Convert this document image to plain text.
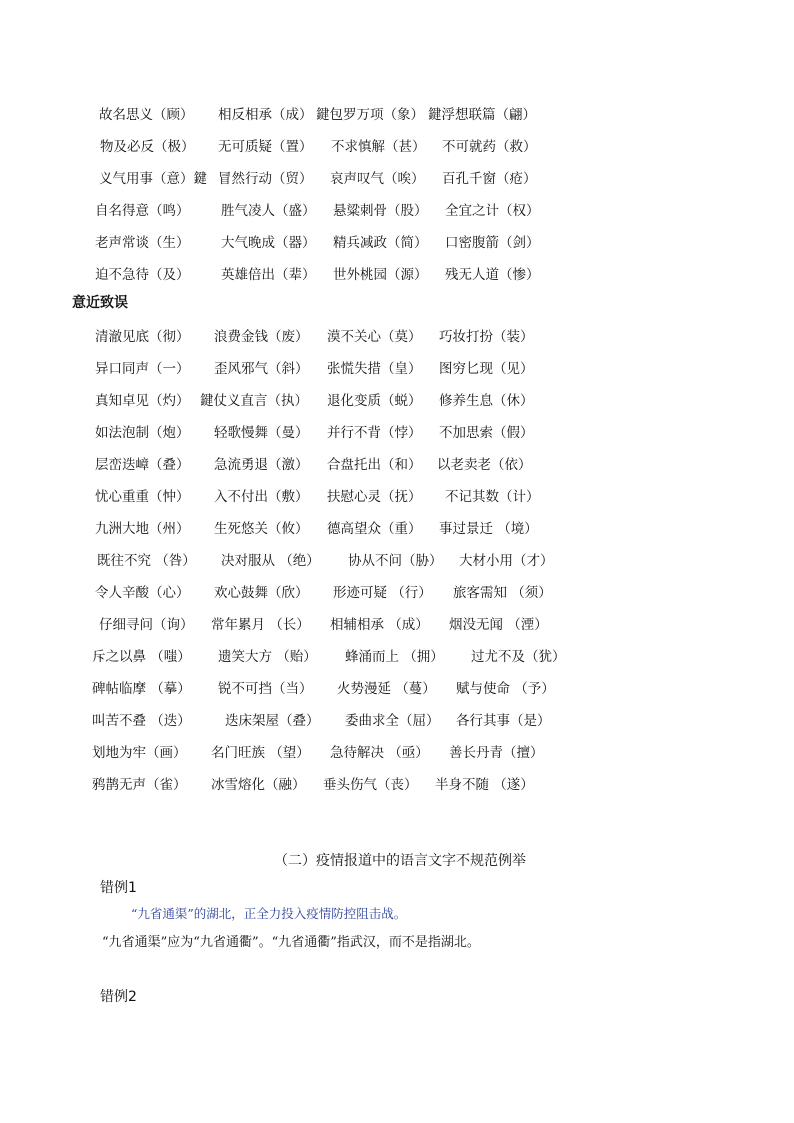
故名思义（顾） 相反相承（成） 鍵包罗万项（象） 鍵浮想联篇（翩）
物及必反（极） 无可质疑（置） 不求慎解（甚） 不可就药（救）
义气用事（意）鍵 冒然行动（贸） 哀声叹气（唉） 百孔千窗（疮）
自名得意（鸣） 胜气凌人（盛） 悬粱刺骨（股） 全宜之计（权）
老声常谈（生） 大气晚成（器） 精兵减政（简） 口密腹箭（剑）
迫不急待（及） 英雄倍出（辈） 世外桃园（源） 残无人道（惨）
意近致误
清澈见底（彻） 浪费金钱（废） 漠不关心（莫） 巧妆打扮（装）
异口同声（一） 歪风邪气（斜） 张慌失措（皇） 图穷匕现（见）
真知卓见（灼） 鍵仗义直言（执） 退化变质（蜕） 修养生息（休）
如法泡制（炮） 轻歌慢舞（曼） 并行不背（悖） 不加思索（假）
层峦迭嶂（叠） 急流勇退（激） 合盘托出（和） 以老卖老（依）
忧心重重（忡） 入不付出（敷） 扶慰心灵（抚） 不记其数（计）
九洲大地（州） 生死悠关（攸） 德高望众（重） 事过景迁 （境）
既往不究 （咎） 决对服从 （绝） 协从不问（胁） 大材小用（才）
令人辛酸（心） 欢心鼓舞（欣） 形迹可疑 （行） 旅客需知 （须）
仔细寻问（询） 常年累月 （长） 相辅相承 （成） 烟没无闻 （湮）
斥之以鼻 （嗤） 遗笑大方 （贻） 蜂涌而上 （拥） 过尤不及（犹）
碑帖临摩 （摹） 锐不可挡（当） 火势漫延 （蔓） 赋与使命 （予）
叫苦不叠 （迭）	迭床架屋（叠） 委曲求全（屈） 各行其事（是）
划地为牢（画） 名门旺族 （望） 急待解决 （亟） 善长丹青（擅）
鸦鹊无声（雀） 冰雪熔化（融） 垂头伤气（丧） 半身不随 （遂）
（二）疫情报道中的语言文字不规范例举
错例1
“九省通渠”的湖北，正全力投入疫情防控阻击战。
“九省通渠”应为“九省通衢”。“九省通衢”指武汉，而不是指湖北。
错例2
